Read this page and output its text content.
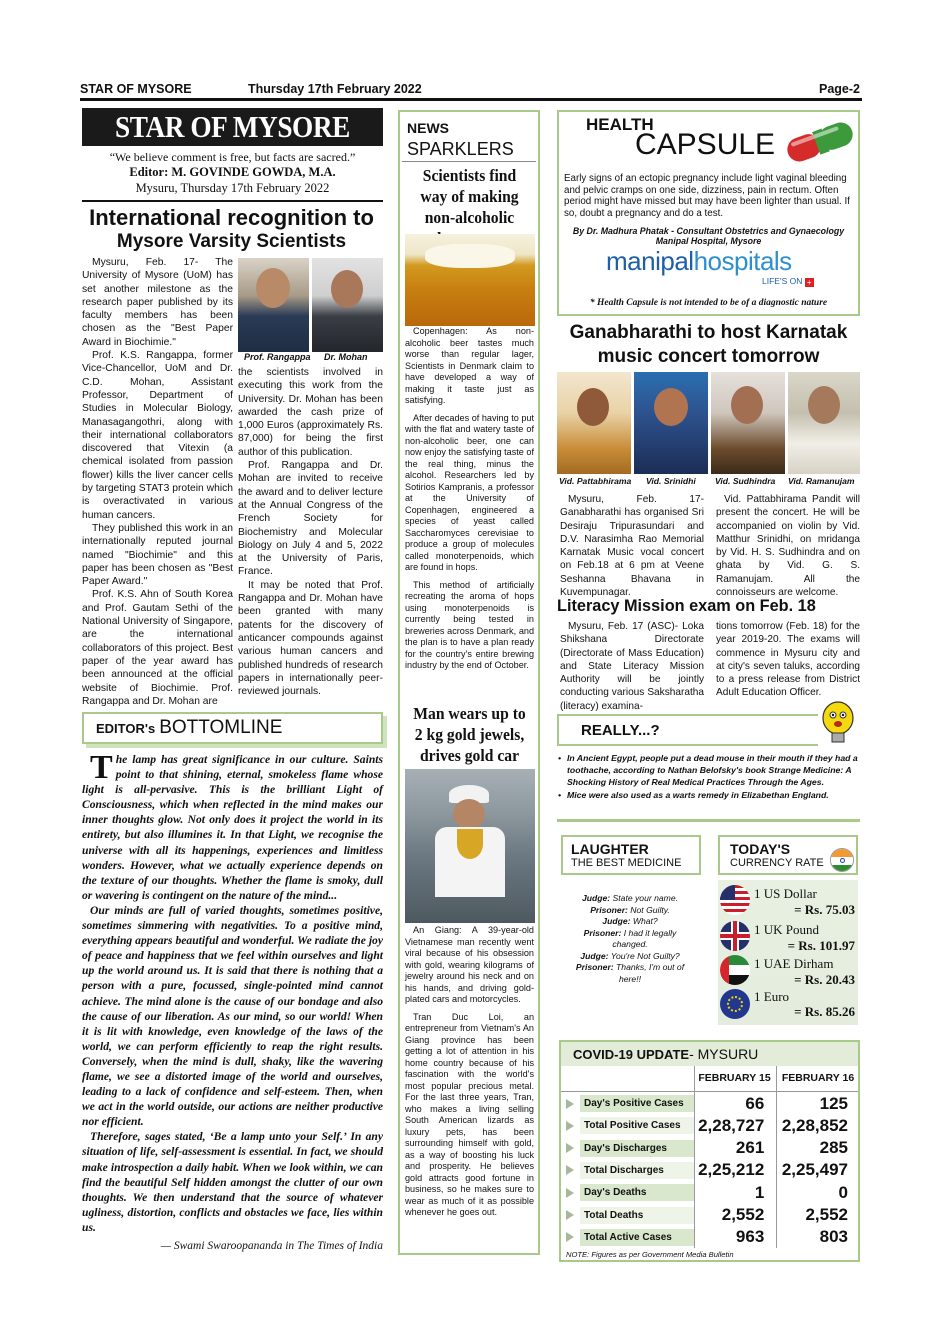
STAR OF MYSORE	Thursday 17th February 2022	Page-2
STAR OF MYSORE
“We believe comment is free, but facts are sacred.”
Editor: M. GOVINDE GOWDA, M.A.
Mysuru, Thursday 17th February 2022
International recognition to
Mysore Varsity Scientists

Mysuru, Feb. 17- The University of Mysore (UoM) has set another milestone as the research paper published by its faculty members has been chosen as the "Best Paper Award in Biochimie."

Prof. K.S. Rangappa, former Vice-Chancellor, UoM and Dr. C.D. Mohan, Assistant Professor, Department of Studies in Molecular Biology, Manasagangothri, along with their international collaborators discovered that Vitexin (a chemical isolated from passion flower) kills the liver cancer cells by targeting STAT3 protein which is overactivated in various human cancers.

They published this work in an internationally reputed journal named "Biochimie" and this paper has been chosen as "Best Paper Award."

Prof. K.S. Ahn of South Korea and Prof. Gautam Sethi of the National University of Singapore, are the international collaborators of this project. Best paper of the year award has been announced at the official website of Biochimie. Prof. Rangappa and Dr. Mohan are

Prof. Rangappa Dr. Mohan

the scientists involved in executing this work from the University. Dr. Mohan has been awarded the cash prize of 1,000 Euros (approximately Rs. 87,000) for being the first author of this publication.

Prof. Rangappa and Dr. Mohan are invited to receive the award and to deliver lecture at the Annual Congress of the French Society for Biochemistry and Molecular Biology on July 4 and 5, 2022 at the University of Paris, France.

It may be noted that Prof. Rangappa and Dr. Mohan have been granted with many patents for the discovery of anticancer compounds against various human cancers and published hundreds of research papers in internationally peer-reviewed journals.

EDITOR's BOTTOMLINE

The lamp has great significance in our culture. Saints point to that shining, eternal, smokeless flame whose light is all-pervasive. This is the brilliant Light of Consciousness, which when reflected in the mind makes our inner thoughts glow. Not only does it project the world in its entirety, but also illumines it. In that Light, we recognise the universe with all its happenings, experiences and limitless wonders. However, what we actually experience depends on the texture of our thoughts. Whether the flame is smoky, dull or wavering is contingent on the nature of the mind...

Our minds are full of varied thoughts, sometimes positive, sometimes simmering with negativities. To a positive mind, everything appears beautiful and wonderful. We radiate the joy of peace and happiness that we feel within ourselves and light up the world around us. It is said that there is nothing that a person with a pure, focussed, single-pointed mind cannot achieve. The mind alone is the cause of our bondage and also the cause of our liberation. As our mind, so our world! When it is lit with knowledge, even knowledge of the laws of the world, we can perform efficiently to reap the right results. Conversely, when the mind is dull, shaky, like the wavering flame, we see a distorted image of the world and ourselves, leading to a lack of confidence and self-esteem. Then, when we act in the world outside, our actions are neither productive nor efficient.

Therefore, sages stated, ‘Be a lamp unto your Self.’ In any situation of life, self-assessment is essential. In fact, we should make introspection a daily habit. When we look within, we can find the beautiful Self hidden amongst the clutter of our own thoughts. We then understand that the source of whatever ugliness, distortion, conflicts and obstacles we face, lies within us.

— Swami Swaroopananda in The Times of India
NEWS
SPARKLERS
Scientists find way of making non-alcoholic

Copenhagen: As non-alcoholic beer tastes much worse than regular lager, Scientists in Denmark claim to have developed a way of making it taste just as satisfying.

After decades of having to put with the flat and watery taste of non-alcoholic beer, one can now enjoy the satisfying taste of the real thing, minus the alcohol. Researchers led by Sotirios Kampranis, a professor at the University of Copenhagen, engineered a species of yeast called Saccharomyces cerevisiae to produce a group of molecules called monoterpenoids, which are found in hops.

This method of artificially recreating the aroma of hops using monoterpenoids is currently being tested in breweries across Denmark, and the plan is to have a plan ready for the country's entire brewing industry by the end of October.

Man wears up to 2 kg gold jewels, drives gold car

An Giang: A 39-year-old Vietnamese man recently went viral because of his obsession with gold, wearing kilograms of jewelry around his neck and on his hands, and driving gold-plated cars and motorcycles.

Tran Duc Loi, an entrepreneur from Vietnam's An Giang province has been getting a lot of attention in his home country because of his fascination with the world's most popular precious metal. For the last three years, Tran, who makes a living selling South American lizards as luxury pets, has been surrounding himself with gold, as a way of boosting his luck and prosperity. He believes gold attracts good fortune in business, so he makes sure to wear as much of it as possible whenever he goes out.

HEALTH
CAPSULE
Early signs of an ectopic pregnancy include light vaginal bleeding and pelvic cramps on one side, dizziness, pain in rectum. Often period might have missed but may have been lighter than usual. If so, doubt a pregnancy and do a test.
By Dr. Madhura Phatak - Consultant Obstetrics and Gynaecology
Manipal Hospital, Mysore
manipalhospitals
LIFE'S ON +
* Health Capsule is not intended to be of a diagnostic nature
Ganabharathi to host Karnatak
music concert tomorrow
Vid. Pattabhirama Vid. Srinidhi Vid. Sudhindra Vid. Ramanujam
Mysuru, Feb. 17-Ganabharathi has organised Sri Desiraju Tripurasundari and D.V. Narasimha Rao Memorial Karnatak Music vocal concert on Feb.18 at 6 pm at Veene Seshanna Bhavana in Kuvempunagar.
Vid. Pattabhirama Pandit will present the concert. He will be accompanied on violin by Vid. Matthur Srinidhi, on mridanga by Vid. H. S. Sudhindra and on ghata by Vid. G. S. Ramanujam. All the connoisseurs are welcome.
Literacy Mission exam on Feb. 18
Mysuru, Feb. 17 (ASC)- Loka Shikshana Directorate (Directorate of Mass Education) and State Literacy Mission Authority will be jointly conducting various Saksharatha (literacy) examina-
tions tomorrow (Feb. 18) for the year 2019-20. The exams will commence in Mysuru city and at city's seven taluks, according to a press release from District Adult Education Officer.
REALLY...?
• In Ancient Egypt, people put a dead mouse in their mouth if they had a toothache, according to Nathan Belofsky's book Strange Medicine: A Shocking History of Real Medical Practices Through the Ages.
• Mice were also used as a warts remedy in Elizabethan England.
LAUGHTER
THE BEST MEDICINE
Judge: State your name.
Prisoner: Not Guilty.
Judge: What?
Prisoner: I had it legally changed.
Judge: You're Not Guilty?
Prisoner: Thanks, I'm out of here!!
TODAY'S
CURRENCY RATE
1 US Dollar
= Rs. 75.03
1 UK Pound
= Rs. 101.97
1 UAE Dirham
= Rs. 20.43
1 Euro
= Rs. 85.26
COVID-19 UPDATE - MYSURU
FEBRUARY 15	FEBRUARY 16
Day's Positive Cases	66	125
Total Positive Cases	2,28,727	2,28,852
Day's Discharges	261	285
Total Discharges	2,25,212	2,25,497
Day's Deaths	1	0
Total Deaths	2,552	2,552
Total Active Cases	963	803
NOTE: Figures as per Government Media Bulletin
